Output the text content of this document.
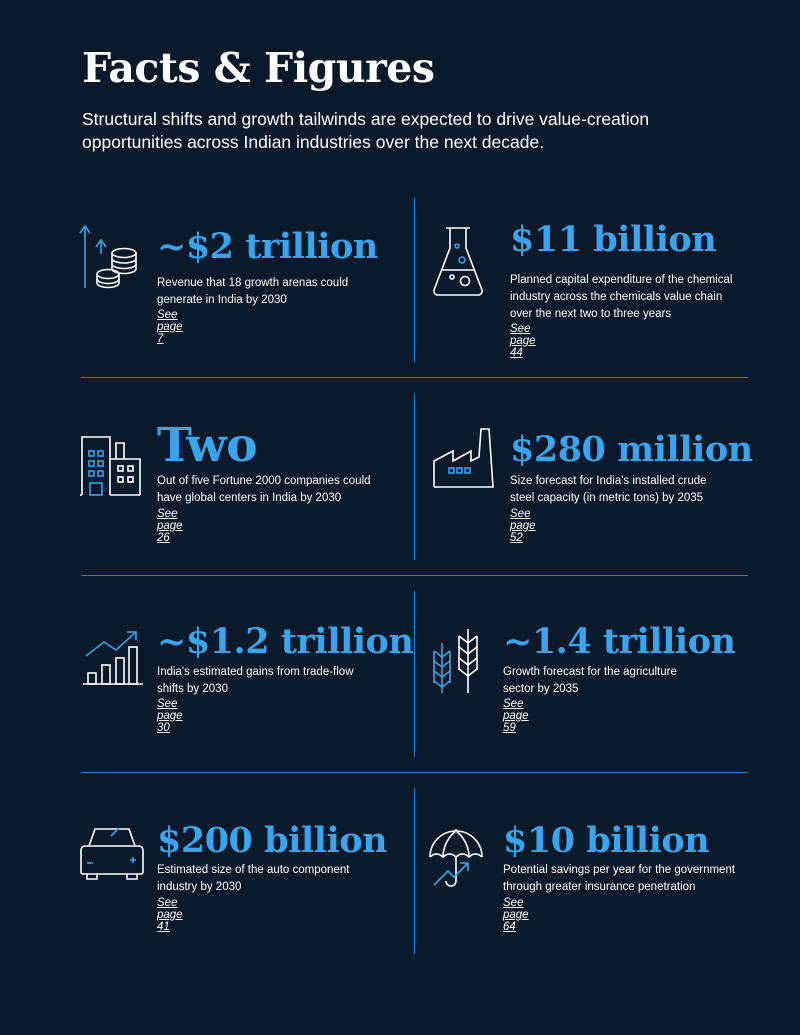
Facts & Figures

Structural shifts and growth tailwinds are expected to drive value-creation opportunities across Indian industries over the next decade.

~$2 trillion
Revenue that 18 growth arenas could generate in India by 2030
See page 7
$11 billion
Planned capital expenditure of the chemical industry across the chemicals value chain over the next two to three years
See page 44
Two
Out of five Fortune 2000 companies could have global centers in India by 2030
See page 26
$280 million
Size forecast for India's installed crude steel capacity (in metric tons) by 2035
See page 52
~$1.2 trillion
India's estimated gains from trade-flow shifts by 2030
See page 30
~1.4 trillion
Growth forecast for the agriculture sector by 2035
See page 59
$200 billion
Estimated size of the auto component industry by 2030
See page 41
$10 billion
Potential savings per year for the government through greater insurance penetration
See page 64
